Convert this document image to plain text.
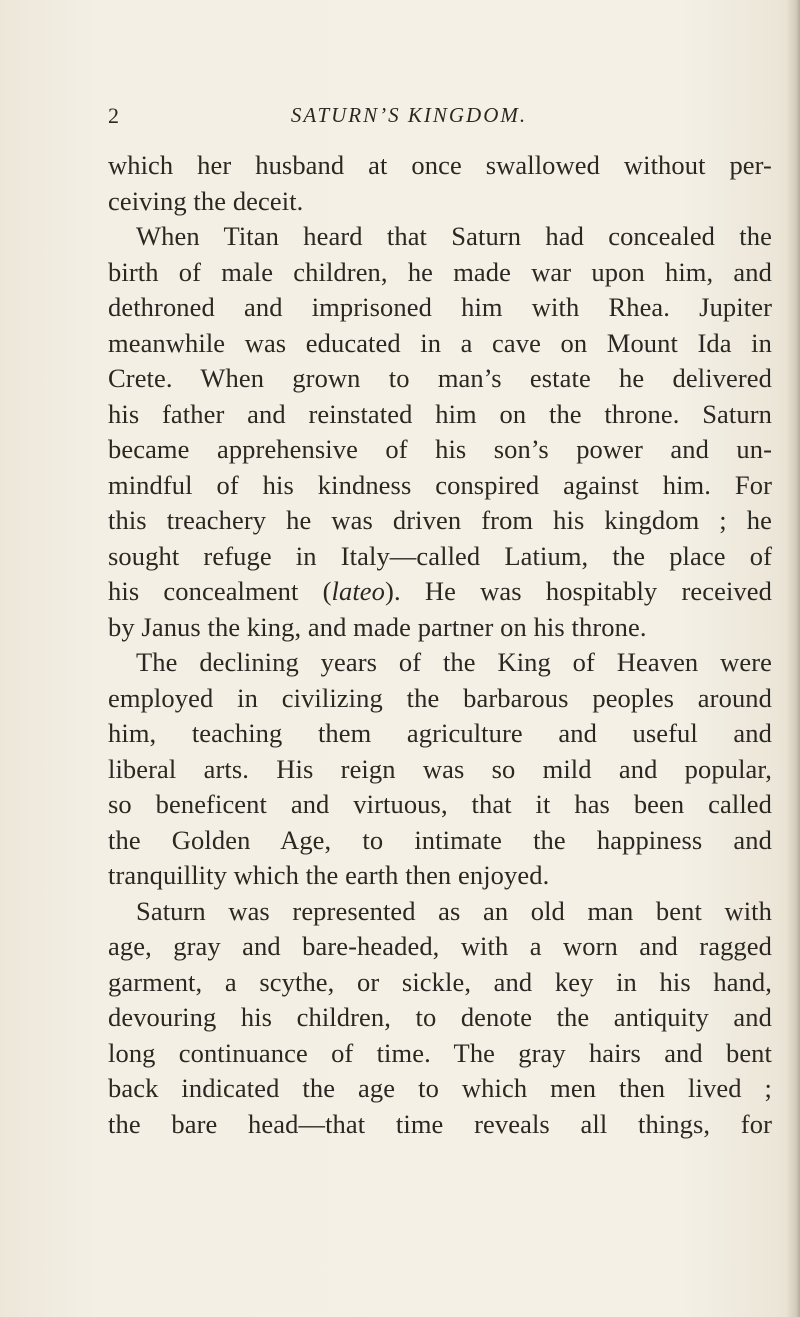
2	SATURN’S KINGDOM.
which her husband at once swallowed without per-
ceiving the deceit.
When Titan heard that Saturn had concealed the
birth of male children, he made war upon him, and
dethroned and imprisoned him with Rhea. Jupiter
meanwhile was educated in a cave on Mount Ida in
Crete. When grown to man’s estate he delivered
his father and reinstated him on the throne. Saturn
became apprehensive of his son’s power and un-
mindful of his kindness conspired against him. For
this treachery he was driven from his kingdom ; he
sought refuge in Italy—called Latium, the place of
his concealment (lateo). He was hospitably received
by Janus the king, and made partner on his throne.
The declining years of the King of Heaven were
employed in civilizing the barbarous peoples around
him, teaching them agriculture and useful and
liberal arts. His reign was so mild and popular,
so beneficent and virtuous, that it has been called
the Golden Age, to intimate the happiness and
tranquillity which the earth then enjoyed.
Saturn was represented as an old man bent with
age, gray and bare-headed, with a worn and ragged
garment, a scythe, or sickle, and key in his hand,
devouring his children, to denote the antiquity and
long continuance of time. The gray hairs and bent
back indicated the age to which men then lived ;
the bare head—that time reveals all things, for
